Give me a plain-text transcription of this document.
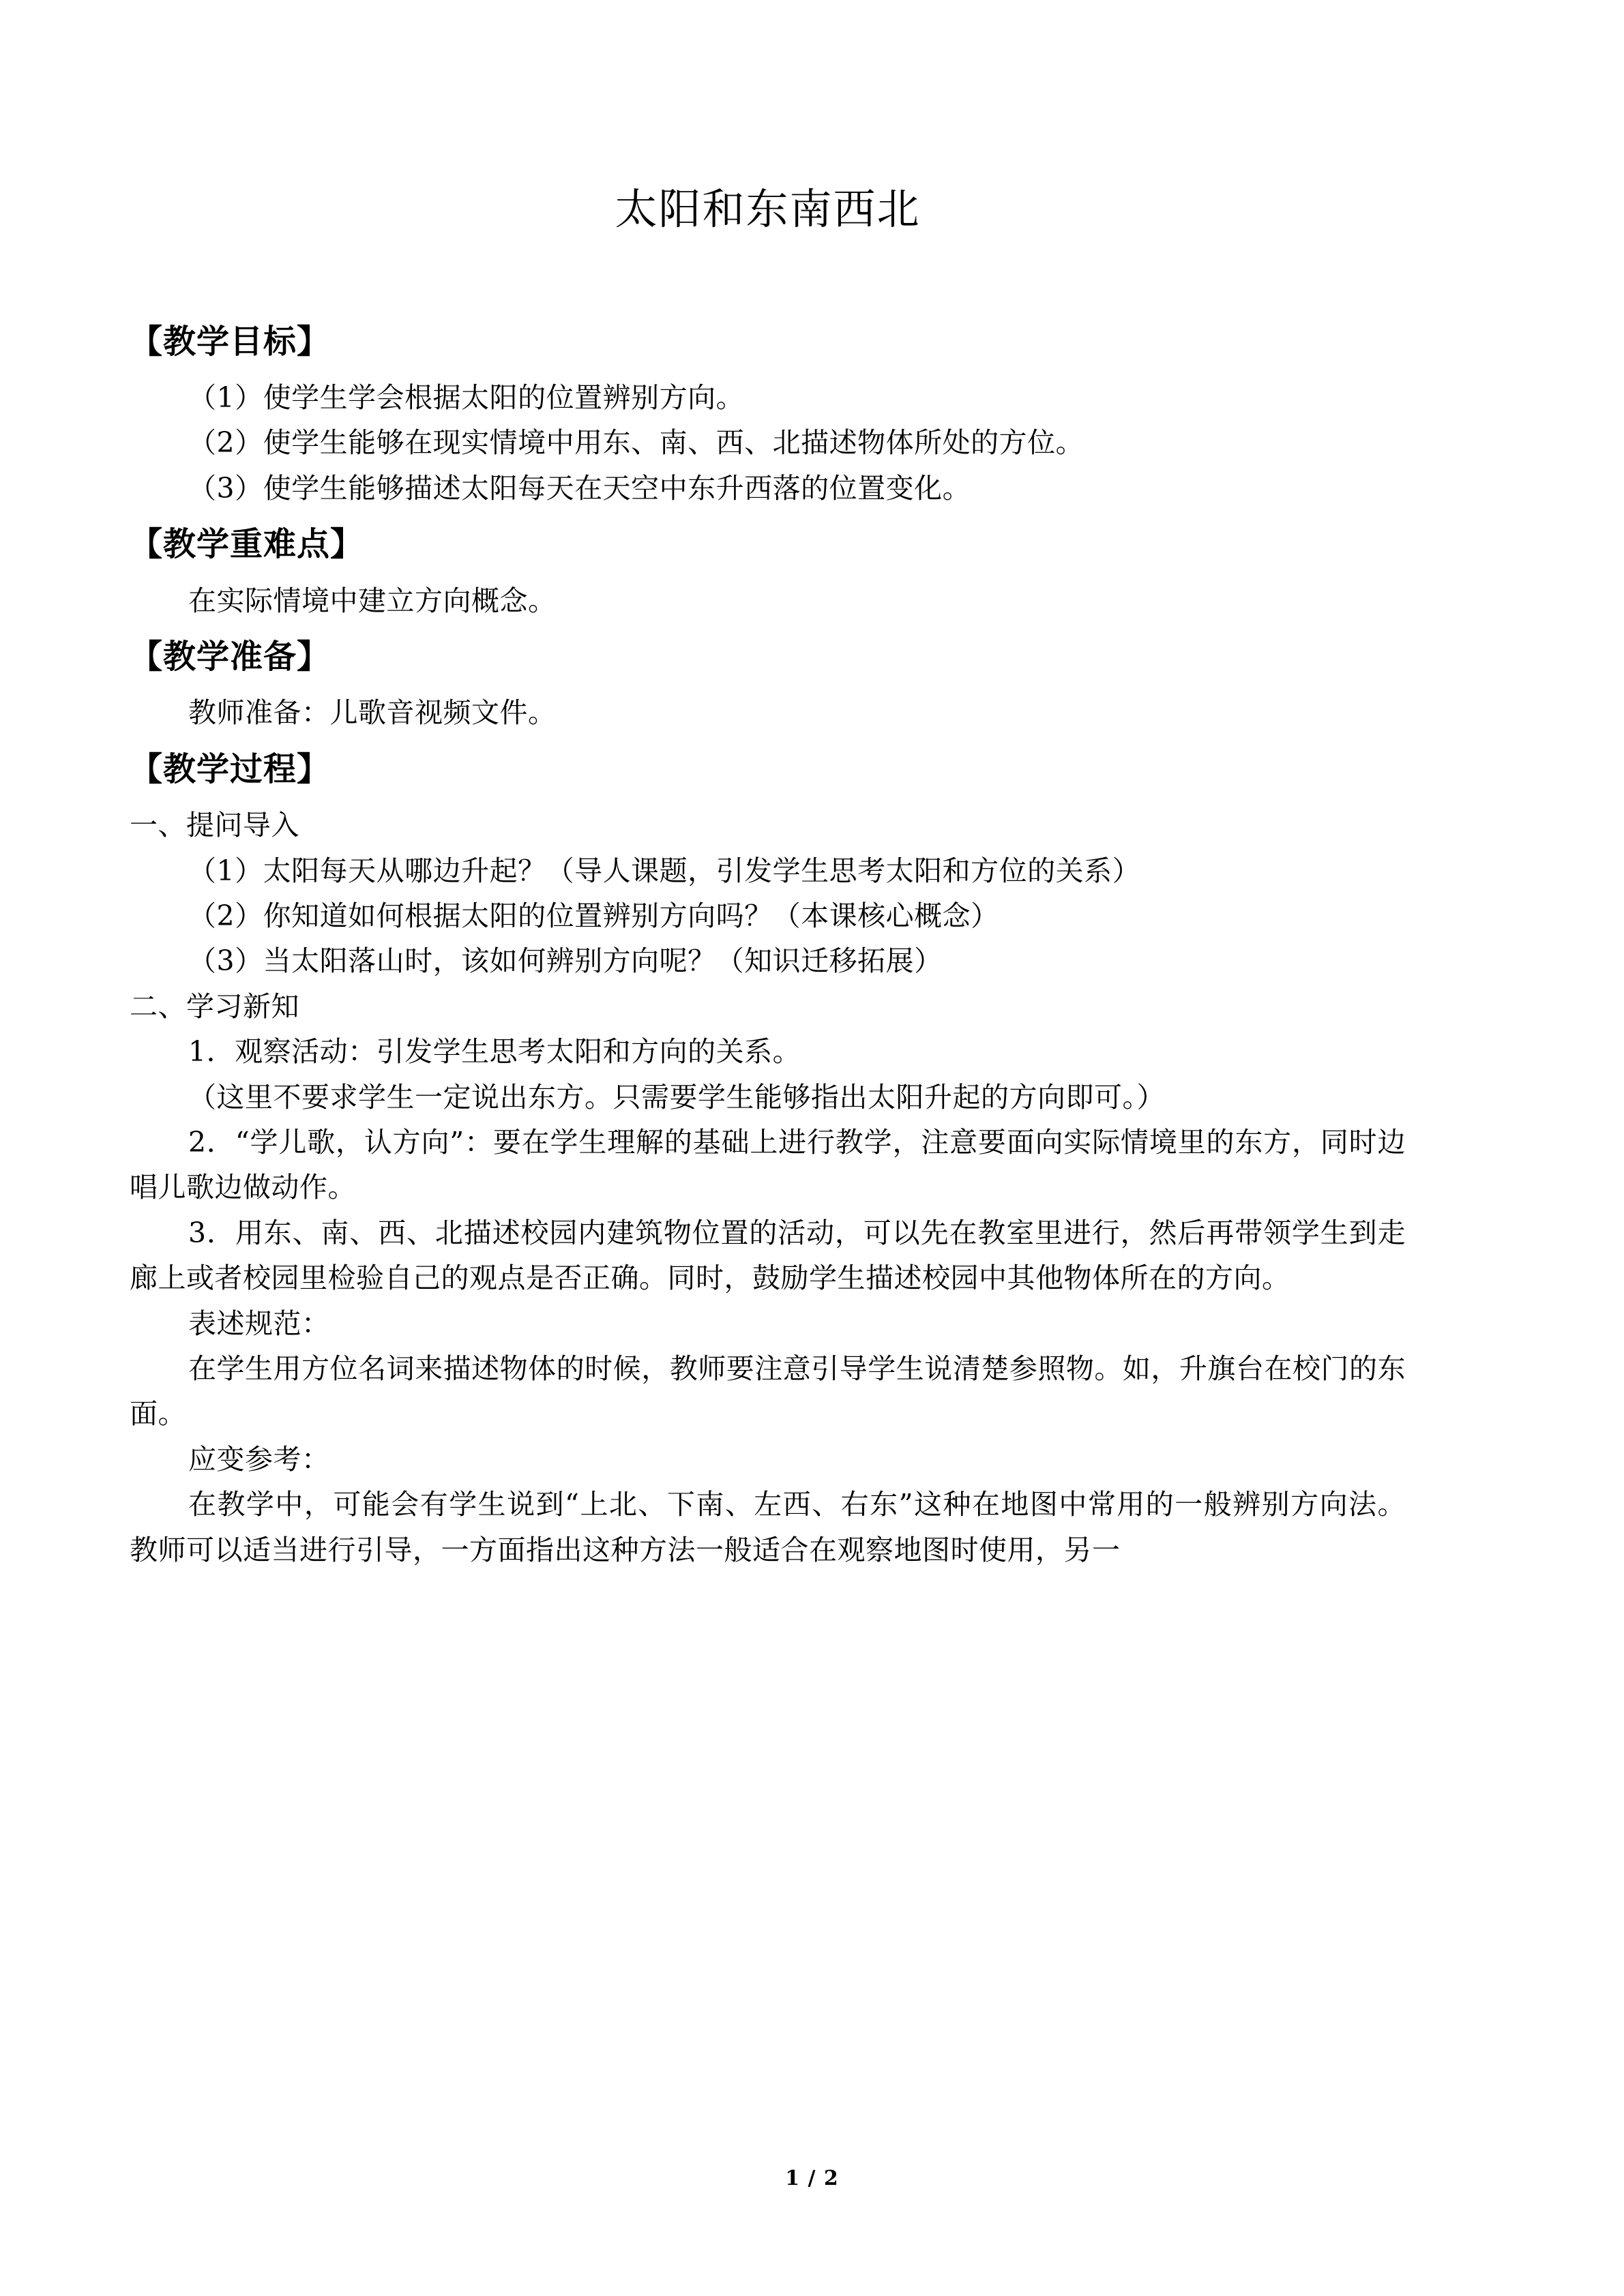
太阳和东南西北
【教学目标】

（1）使学生学会根据太阳的位置辨别方向。

（2）使学生能够在现实情境中用东、南、西、北描述物体所处的方位。

（3）使学生能够描述太阳每天在天空中东升西落的位置变化。

【教学重难点】

在实际情境中建立方向概念。

【教学准备】

教师准备：儿歌音视频文件。

【教学过程】

一、提问导入

（1）太阳每天从哪边升起？（导人课题，引发学生思考太阳和方位的关系）

（2）你知道如何根据太阳的位置辨别方向吗？（本课核心概念）

（3）当太阳落山时，该如何辨别方向呢？（知识迁移拓展）

二、学习新知

1．观察活动：引发学生思考太阳和方向的关系。

（这里不要求学生一定说出东方。只需要学生能够指出太阳升起的方向即可。）

2．“学儿歌，认方向”：要在学生理解的基础上进行教学，注意要面向实际情境里的东方，同时边唱儿歌边做动作。

3．用东、南、西、北描述校园内建筑物位置的活动，可以先在教室里进行，然后再带领学生到走廊上或者校园里检验自己的观点是否正确。同时，鼓励学生描述校园中其他物体所在的方向。

表述规范：

在学生用方位名词来描述物体的时候，教师要注意引导学生说清楚参照物。如，升旗台在校门的东面。

应变参考：

在教学中，可能会有学生说到“上北、下南、左西、右东”这种在地图中常用的一般辨别方向法。教师可以适当进行引导，一方面指出这种方法一般适合在观察地图时使用，另一

1 / 2
